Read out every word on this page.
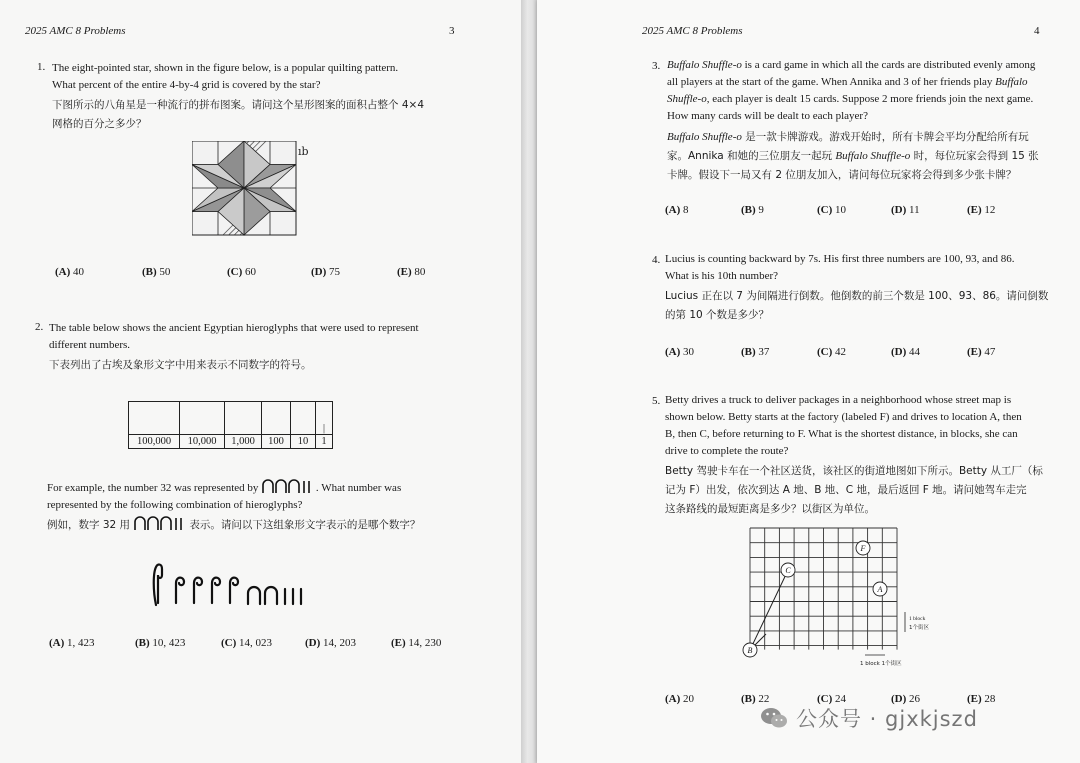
2025 AMC 8 Problems	3
1. The eight-pointed star, shown in the figure below, is a popular quilting pattern.
What percent of the entire 4-by-4 grid is covered by the star?
下图所示的八角星是一种流行的拼布图案。请问这个星形图案的面积占整个 4×4
网格的百分之多少？
ıb
(A) 40	(B) 50	(C) 60	(D) 75	(E) 80
2. The table below shows the ancient Egyptian hieroglyphs that were used to represent
different numbers.
下表列出了古埃及象形文字中用来表示不同数字的符号。
					|
100,000	10,000	1,000	100	10	1
For example, the number 32 was represented by	. What number was
represented by the following combination of hieroglyphs?
例如，数字 32 用	表示。请问以下这组象形文字表示的是哪个数字？
(A) 1, 423	(B) 10, 423	(C) 14, 023	(D) 14, 203	(E) 14, 230
2025 AMC 8 Problems	4
3. Buffalo Shuffle-o is a card game in which all the cards are distributed evenly among
all players at the start of the game. When Annika and 3 of her friends play Buffalo
Shuffle-o, each player is dealt 15 cards. Suppose 2 more friends join the next game.
How many cards will be dealt to each player?
Buffalo Shuffle-o 是一款卡牌游戏。游戏开始时，所有卡牌会平均分配给所有玩
家。Annika 和她的三位朋友一起玩 Buffalo Shuffle-o 时，每位玩家会得到 15 张
卡牌。假设下一局又有 2 位朋友加入，请问每位玩家将会得到多少张卡牌？
(A) 8	(B) 9	(C) 10	(D) 11	(E) 12
4. Lucius is counting backward by 7s. His first three numbers are 100, 93, and 86.
What is his 10th number?
Lucius 正在以 7 为间隔进行倒数。他倒数的前三个数是 100、93、86。请问倒数
的第 10 个数是多少？
(A) 30	(B) 37	(C) 42	(D) 44	(E) 47
5. Betty drives a truck to deliver packages in a neighborhood whose street map is
shown below. Betty starts at the factory (labeled F) and drives to location A, then
B, then C, before returning to F. What is the shortest distance, in blocks, she can
drive to complete the route?
Betty 驾驶卡车在一个社区送货，该社区的街道地图如下所示。Betty 从工厂（标
记为 F）出发，依次到达 A 地、B 地、C 地，最后返回 F 地。请问她驾车走完
这条路线的最短距离是多少？以街区为单位。
F
C
A
B
1 block
1个街区
1 block 1个街区
(A) 20	(B) 22	(C) 24	(D) 26	(E) 28
公众号 · gjxkjszd
